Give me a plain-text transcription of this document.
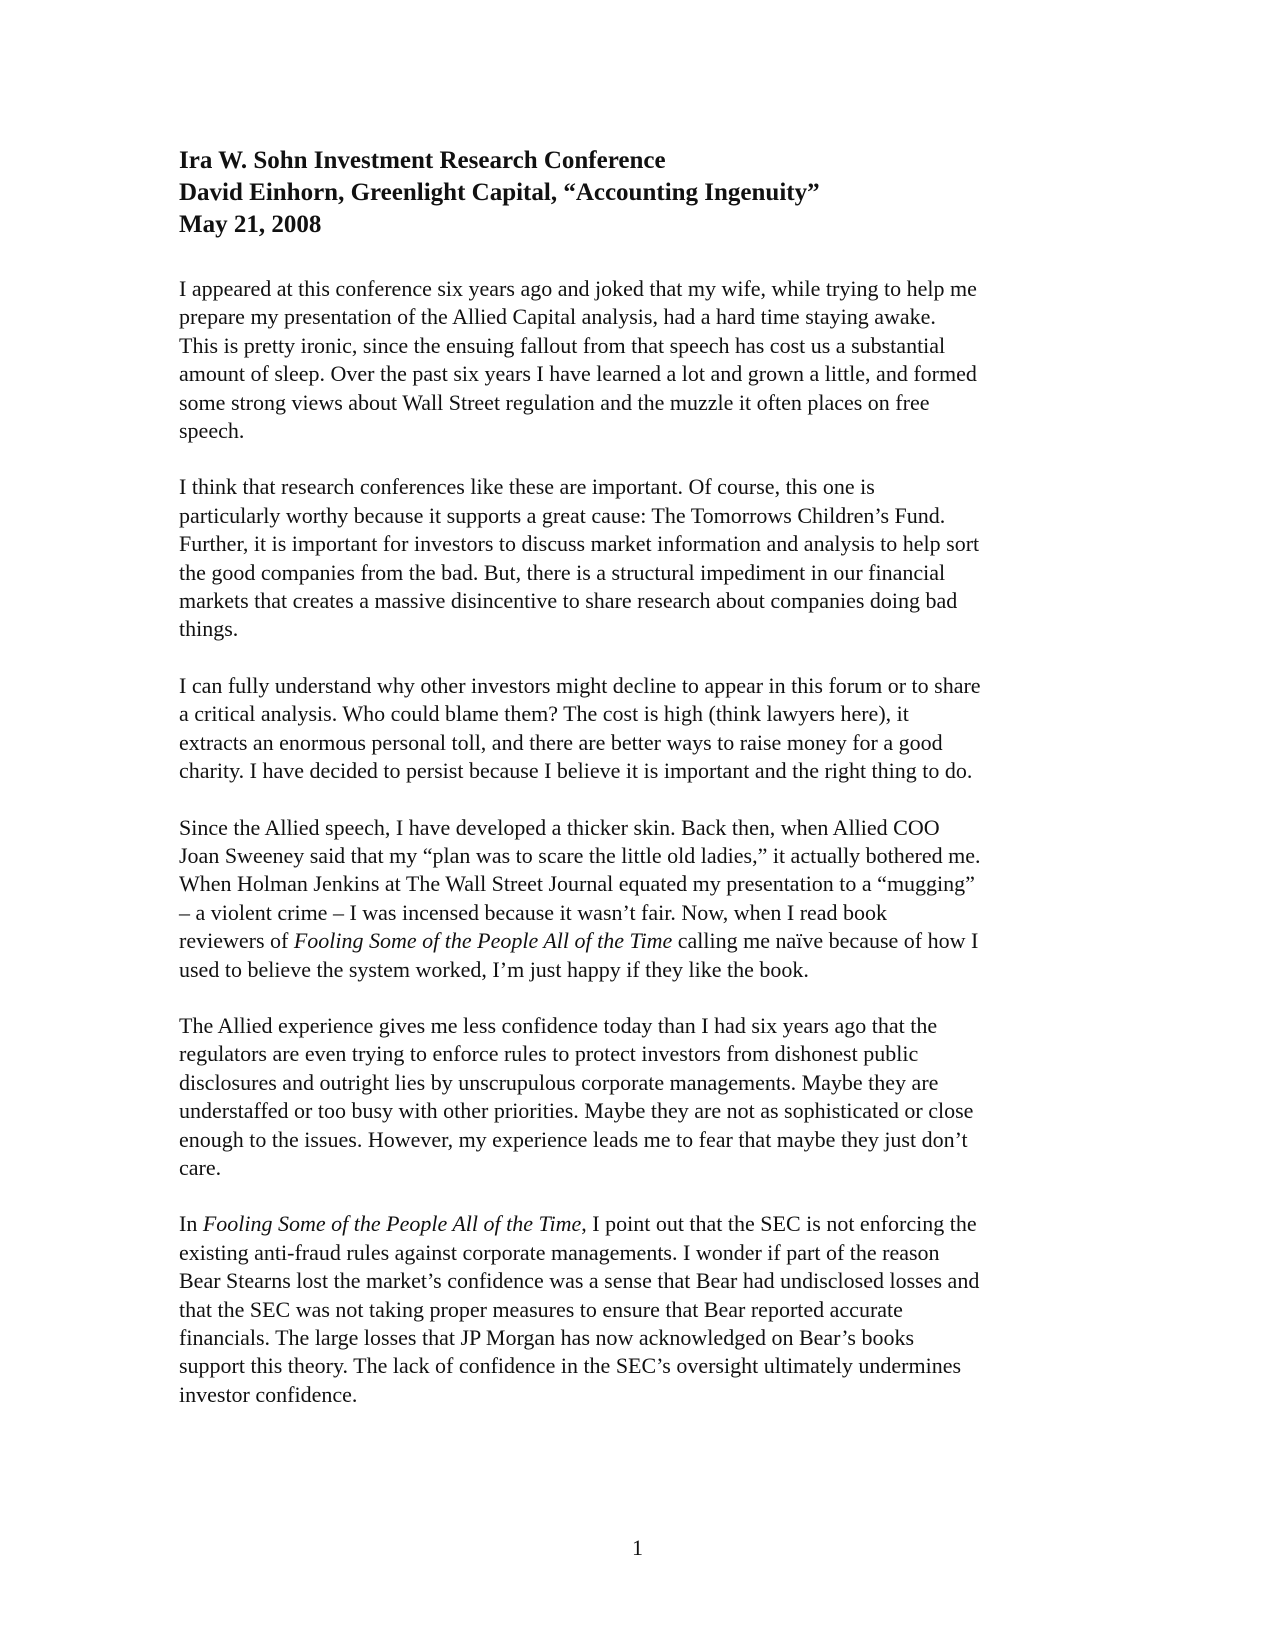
Ira W. Sohn Investment Research Conference

David Einhorn, Greenlight Capital, “Accounting Ingenuity”

May 21, 2008

I appeared at this conference six years ago and joked that my wife, while trying to help me
prepare my presentation of the Allied Capital analysis, had a hard time staying awake.
This is pretty ironic, since the ensuing fallout from that speech has cost us a substantial
amount of sleep. Over the past six years I have learned a lot and grown a little, and formed
some strong views about Wall Street regulation and the muzzle it often places on free
speech.

I think that research conferences like these are important. Of course, this one is
particularly worthy because it supports a great cause: The Tomorrows Children’s Fund.
Further, it is important for investors to discuss market information and analysis to help sort
the good companies from the bad. But, there is a structural impediment in our financial
markets that creates a massive disincentive to share research about companies doing bad
things.

I can fully understand why other investors might decline to appear in this forum or to share
a critical analysis. Who could blame them? The cost is high (think lawyers here), it
extracts an enormous personal toll, and there are better ways to raise money for a good
charity. I have decided to persist because I believe it is important and the right thing to do.

Since the Allied speech, I have developed a thicker skin. Back then, when Allied COO
Joan Sweeney said that my “plan was to scare the little old ladies,” it actually bothered me.
When Holman Jenkins at The Wall Street Journal equated my presentation to a “mugging”
– a violent crime – I was incensed because it wasn’t fair. Now, when I read book
reviewers of Fooling Some of the People All of the Time calling me naïve because of how I
used to believe the system worked, I’m just happy if they like the book.

The Allied experience gives me less confidence today than I had six years ago that the
regulators are even trying to enforce rules to protect investors from dishonest public
disclosures and outright lies by unscrupulous corporate managements. Maybe they are
understaffed or too busy with other priorities. Maybe they are not as sophisticated or close
enough to the issues. However, my experience leads me to fear that maybe they just don’t
care.

In Fooling Some of the People All of the Time, I point out that the SEC is not enforcing the
existing anti-fraud rules against corporate managements. I wonder if part of the reason
Bear Stearns lost the market’s confidence was a sense that Bear had undisclosed losses and
that the SEC was not taking proper measures to ensure that Bear reported accurate
financials. The large losses that JP Morgan has now acknowledged on Bear’s books
support this theory. The lack of confidence in the SEC’s oversight ultimately undermines
investor confidence.

1
